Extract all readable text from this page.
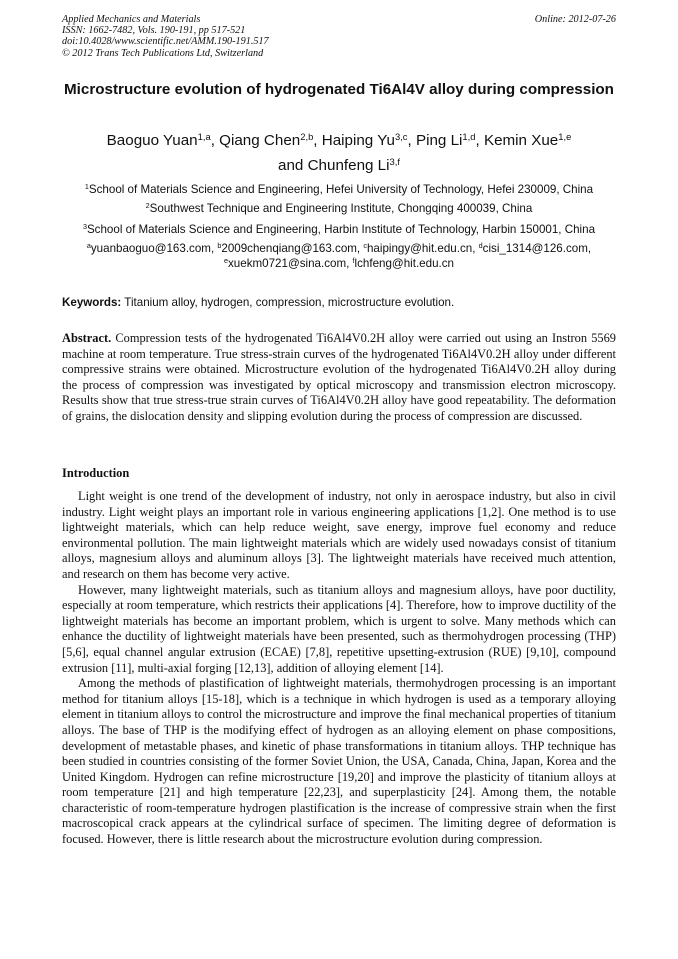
Applied Mechanics and Materials
ISSN: 1662-7482, Vols. 190-191, pp 517-521
doi:10.4028/www.scientific.net/AMM.190-191.517
© 2012 Trans Tech Publications Ltd, Switzerland
Online: 2012-07-26
Microstructure evolution of hydrogenated Ti6Al4V alloy during compression
Baoguo Yuan$^{1,a}$, Qiang Chen$^{2,b}$, Haiping Yu$^{3,c}$, Ping Li$^{1,d}$, Kemin Xue$^{1,e}$
and Chunfeng Li$^{3,f}$
$^1$School of Materials Science and Engineering, Hefei University of Technology, Hefei 230009, China
$^2$Southwest Technique and Engineering Institute, Chongqing 400039, China
$^3$School of Materials Science and Engineering, Harbin Institute of Technology, Harbin 150001, China
$^a$yuanbaoguo@163.com, $^b$2009chenqiang@163.com, $^c$haipingy@hit.edu.cn, $^d$cisi_1314@126.com,
$^e$xuekm0721@sina.com, $^f$lchfeng@hit.edu.cn
Keywords: Titanium alloy, hydrogen, compression, microstructure evolution.
Abstract. Compression tests of the hydrogenated Ti6Al4V0.2H alloy were carried out using an Instron 5569 machine at room temperature. True stress-strain curves of the hydrogenated Ti6Al4V0.2H alloy under different compressive strains were obtained. Microstructure evolution of the hydrogenated Ti6Al4V0.2H alloy during the process of compression was investigated by optical microscopy and transmission electron microscopy. Results show that true stress-true strain curves of Ti6Al4V0.2H alloy have good repeatability. The deformation of grains, the dislocation density and slipping evolution during the process of compression are discussed.
Introduction

Light weight is one trend of the development of industry, not only in aerospace industry, but also in civil industry. Light weight plays an important role in various engineering applications [1,2]. One method is to use lightweight materials, which can help reduce weight, save energy, improve fuel economy and reduce environmental pollution. The main lightweight materials which are widely used nowadays consist of titanium alloys, magnesium alloys and aluminum alloys [3]. The lightweight materials have received much attention, and research on them has become very active.

However, many lightweight materials, such as titanium alloys and magnesium alloys, have poor ductility, especially at room temperature, which restricts their applications [4]. Therefore, how to improve ductility of the lightweight materials has become an important problem, which is urgent to solve. Many methods which can enhance the ductility of lightweight materials have been presented, such as thermohydrogen processing (THP) [5,6], equal channel angular extrusion (ECAE) [7,8], repetitive upsetting-extrusion (RUE) [9,10], compound extrusion [11], multi-axial forging [12,13], addition of alloying element [14].

Among the methods of plastification of lightweight materials, thermohydrogen processing is an important method for titanium alloys [15-18], which is a technique in which hydrogen is used as a temporary alloying element in titanium alloys to control the microstructure and improve the final mechanical properties of titanium alloys. The base of THP is the modifying effect of hydrogen as an alloying element on phase compositions, development of metastable phases, and kinetic of phase transformations in titanium alloys. THP technique has been studied in countries consisting of the former Soviet Union, the USA, Canada, China, Japan, Korea and the United Kingdom. Hydrogen can refine microstructure [19,20] and improve the plasticity of titanium alloys at room temperature [21] and high temperature [22,23], and superplasticity [24]. Among them, the notable characteristic of room-temperature hydrogen plastification is the increase of compressive strain when the first macroscopical crack appears at the cylindrical surface of specimen. The limiting degree of deformation is focused. However, there is little research about the microstructure evolution during compression.
